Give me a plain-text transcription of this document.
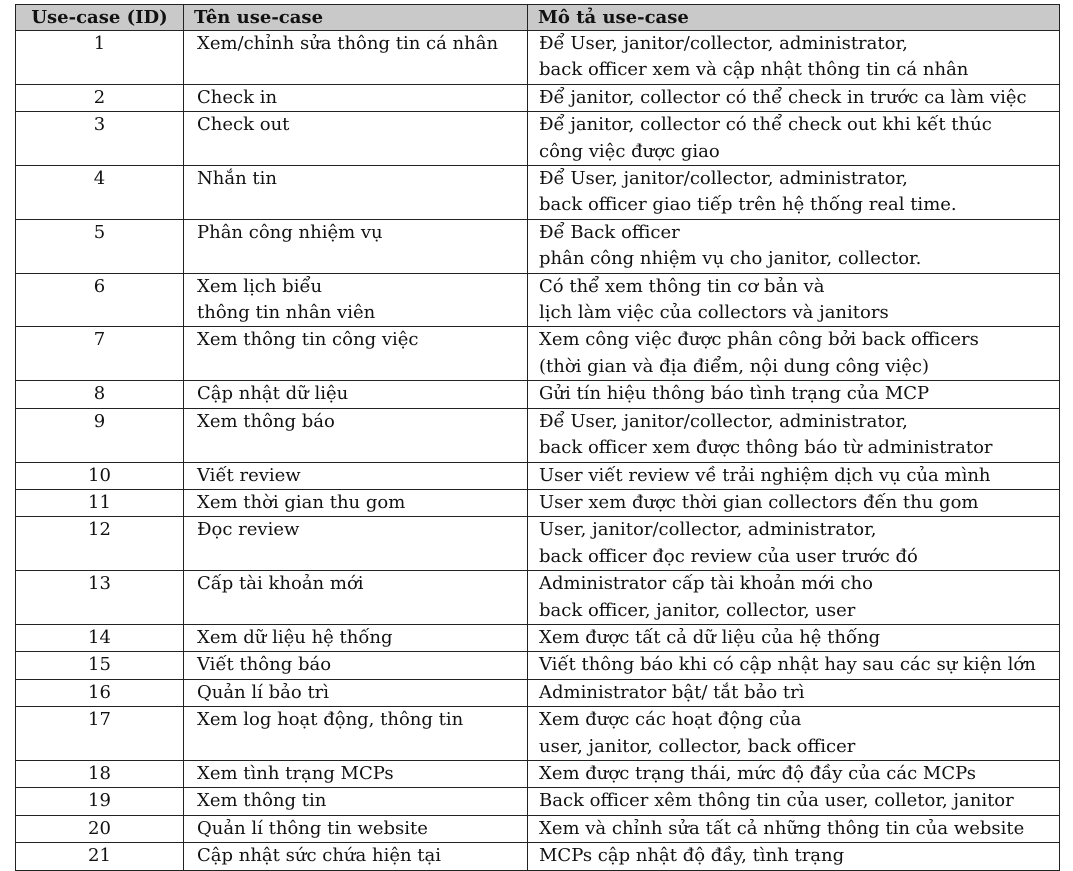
Use-case (ID)	Tên use-case	Mô tả use-case
1	Xem/chỉnh sửa thông tin cá nhân	Để User, janitor/collector, administrator,
back officer xem và cập nhật thông tin cá nhân

2	Check in	Để janitor, collector có thể check in trước ca làm việc

3	Check out	Để janitor, collector có thể check out khi kết thúc
công việc được giao

4	Nhắn tin	Để User, janitor/collector, administrator,
back officer giao tiếp trên hệ thống real time.

5	Phân công nhiệm vụ	Để Back officer
phân công nhiệm vụ cho janitor, collector.

6	Xem lịch biểu
thông tin nhân viên	Có thể xem thông tin cơ bản và
lịch làm việc của collectors và janitors

7	Xem thông tin công việc	Xem công việc được phân công bởi back officers
(thời gian và địa điểm, nội dung công việc)

8	Cập nhật dữ liệu	Gửi tín hiệu thông báo tình trạng của MCP

9	Xem thông báo	Để User, janitor/collector, administrator,
back officer xem được thông báo từ administrator

10	Viết review	User viết review về trải nghiệm dịch vụ của mình

11	Xem thời gian thu gom	User xem được thời gian collectors đến thu gom

12	Đọc review	User, janitor/collector, administrator,
back officer đọc review của user trước đó

13	Cấp tài khoản mới	Administrator cấp tài khoản mới cho
back officer, janitor, collector, user

14	Xem dữ liệu hệ thống	Xem được tất cả dữ liệu của hệ thống

15	Viết thông báo	Viết thông báo khi có cập nhật hay sau các sự kiện lớn

16	Quản lí bảo trì	Administrator bật/ tắt bảo trì

17	Xem log hoạt động, thông tin	Xem được các hoạt động của
user, janitor, collector, back officer

18	Xem tình trạng MCPs	Xem được trạng thái, mức độ đầy của các MCPs

19	Xem thông tin	Back officer xêm thông tin của user, colletor, janitor

20	Quản lí thông tin website	Xem và chỉnh sửa tất cả những thông tin của website

21	Cập nhật sức chứa hiện tại	MCPs cập nhật độ đầy, tình trạng
